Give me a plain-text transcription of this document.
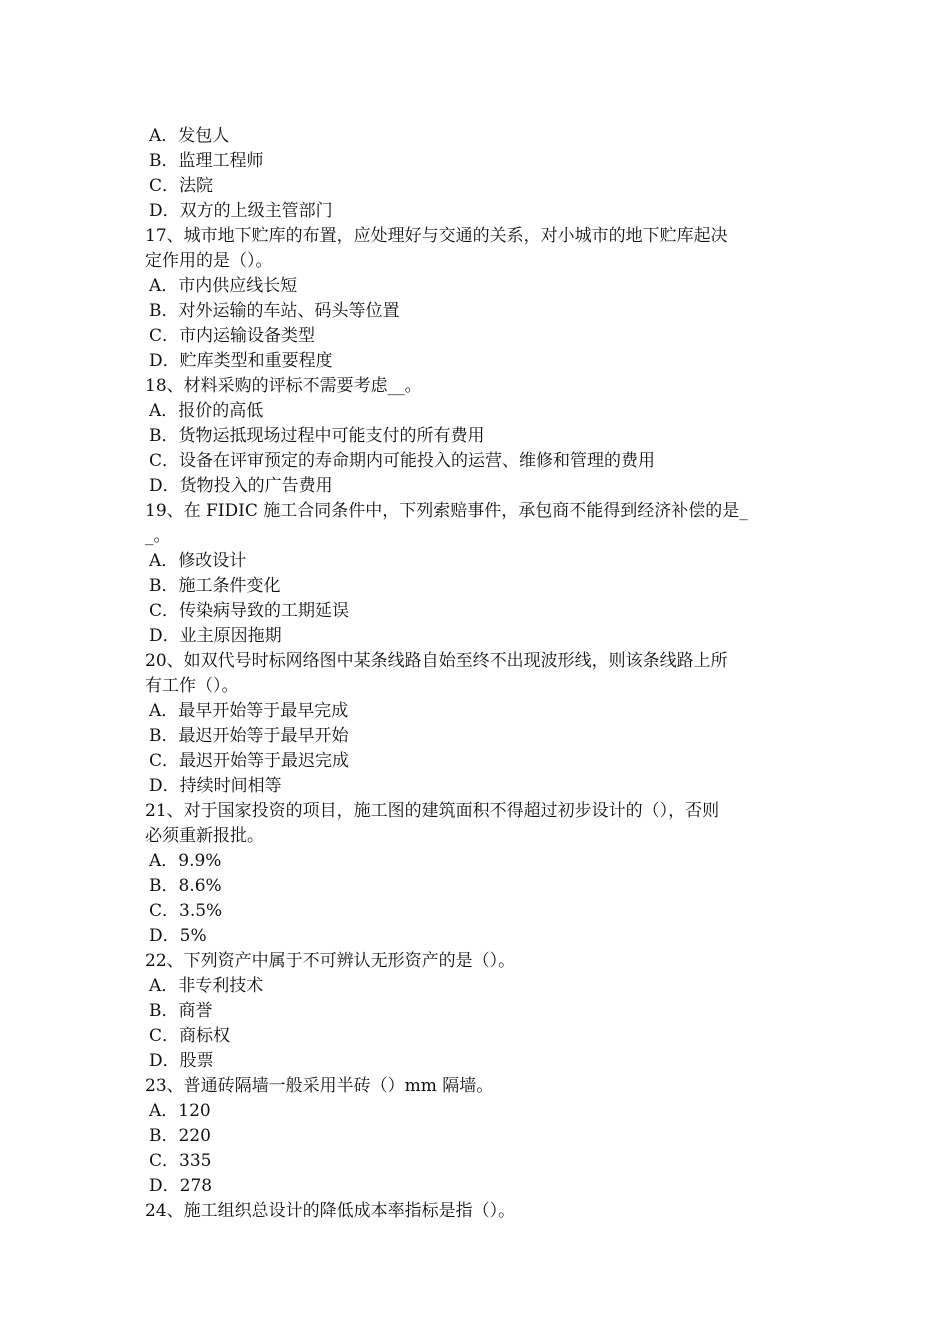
A．发包人
B．监理工程师
C．法院
D．双方的上级主管部门
17、城市地下贮库的布置，应处理好与交通的关系，对小城市的地下贮库起决
定作用的是（）。
A．市内供应线长短
B．对外运输的车站、码头等位置
C．市内运输设备类型
D．贮库类型和重要程度
18、材料采购的评标不需要考虑__。
A．报价的高低
B．货物运抵现场过程中可能支付的所有费用
C．设备在评审预定的寿命期内可能投入的运营、维修和管理的费用
D．货物投入的广告费用
19、在 FIDIC 施工合同条件中，下列索赔事件，承包商不能得到经济补偿的是_
_。
A．修改设计
B．施工条件变化
C．传染病导致的工期延误
D．业主原因拖期
20、如双代号时标网络图中某条线路自始至终不出现波形线，则该条线路上所
有工作（）。
A．最早开始等于最早完成
B．最迟开始等于最早开始
C．最迟开始等于最迟完成
D．持续时间相等
21、对于国家投资的项目，施工图的建筑面积不得超过初步设计的（），否则
必须重新报批。
A．9.9%
B．8.6%
C．3.5%
D．5%
22、下列资产中属于不可辨认无形资产的是（）。
A．非专利技术
B．商誉
C．商标权
D．股票
23、普通砖隔墙一般采用半砖（）mm 隔墙。
A．120
B．220
C．335
D．278
24、施工组织总设计的降低成本率指标是指（）。
